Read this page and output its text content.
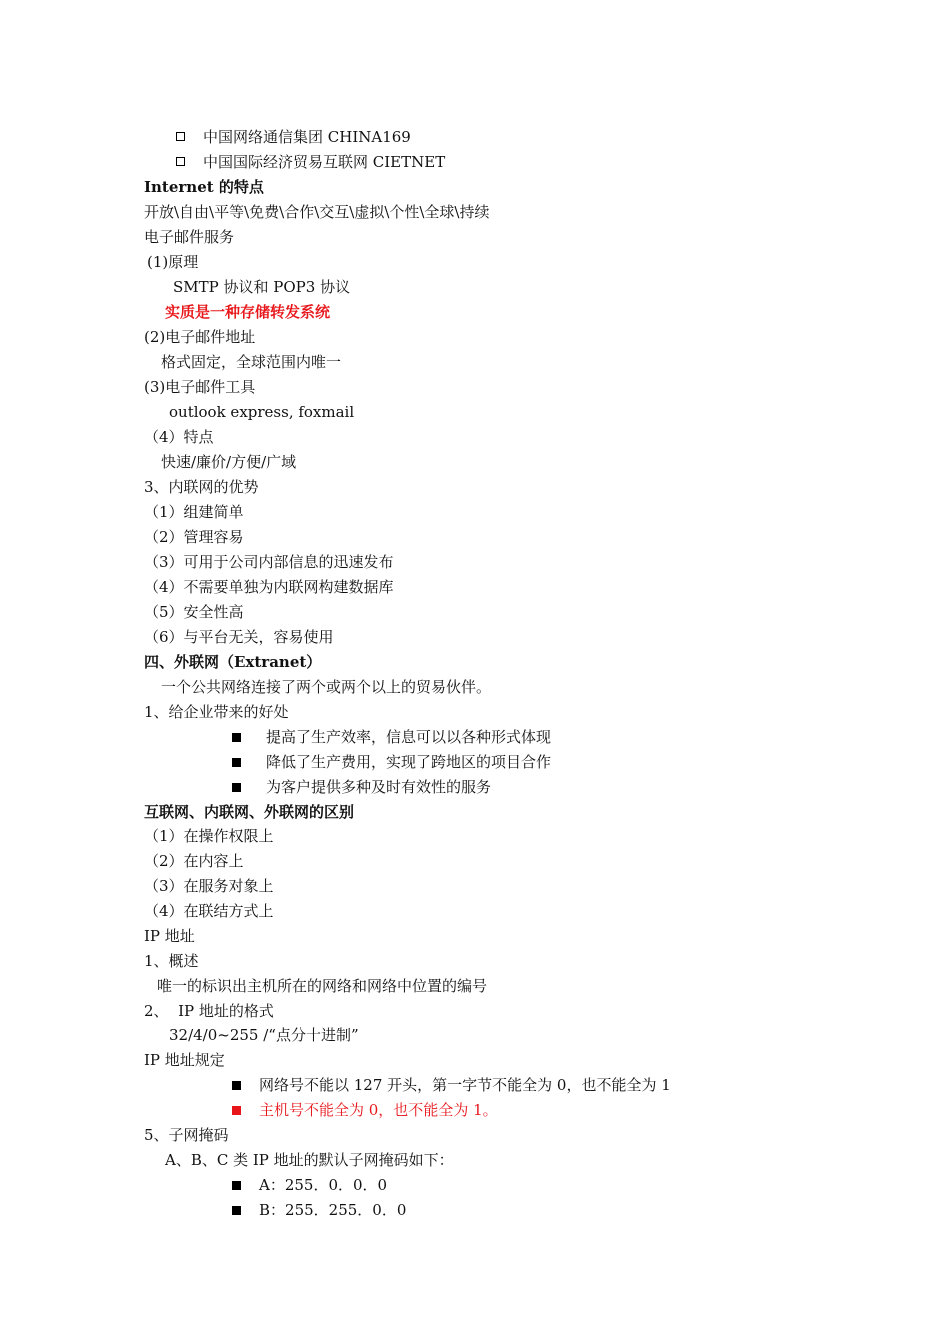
中国网络通信集团 CHINA169
中国国际经济贸易互联网 CIETNET
Internet 的特点
开放\自由\平等\免费\合作\交互\虚拟\个性\全球\持续
电子邮件服务
(1)原理
SMTP 协议和 POP3 协议
实质是一种存储转发系统
(2)电子邮件地址
格式固定，全球范围内唯一
(3)电子邮件工具
outlook express, foxmail
（4）特点
快速/廉价/方便/广域
3、内联网的优势
（1）组建简单
（2）管理容易
（3）可用于公司内部信息的迅速发布
（4）不需要单独为内联网构建数据库
（5）安全性高
（6）与平台无关，容易使用
四、外联网（Extranet）
一个公共网络连接了两个或两个以上的贸易伙伴。
1、给企业带来的好处
提高了生产效率，信息可以以各种形式体现
降低了生产费用，实现了跨地区的项目合作
为客户提供多种及时有效性的服务
互联网、内联网、外联网的区别
（1）在操作权限上
（2）在内容上
（3）在服务对象上
（4）在联结方式上
IP 地址
1、概述
唯一的标识出主机所在的网络和网络中位置的编号
2、  IP 地址的格式
32/4/0~255 /“点分十进制”
IP 地址规定
网络号不能以 127 开头，第一字节不能全为 0，也不能全为 1
主机号不能全为 0，也不能全为 1。
5、子网掩码
A、B、C 类 IP 地址的默认子网掩码如下：
A：255．0．0．0
B：255．255．0．0
